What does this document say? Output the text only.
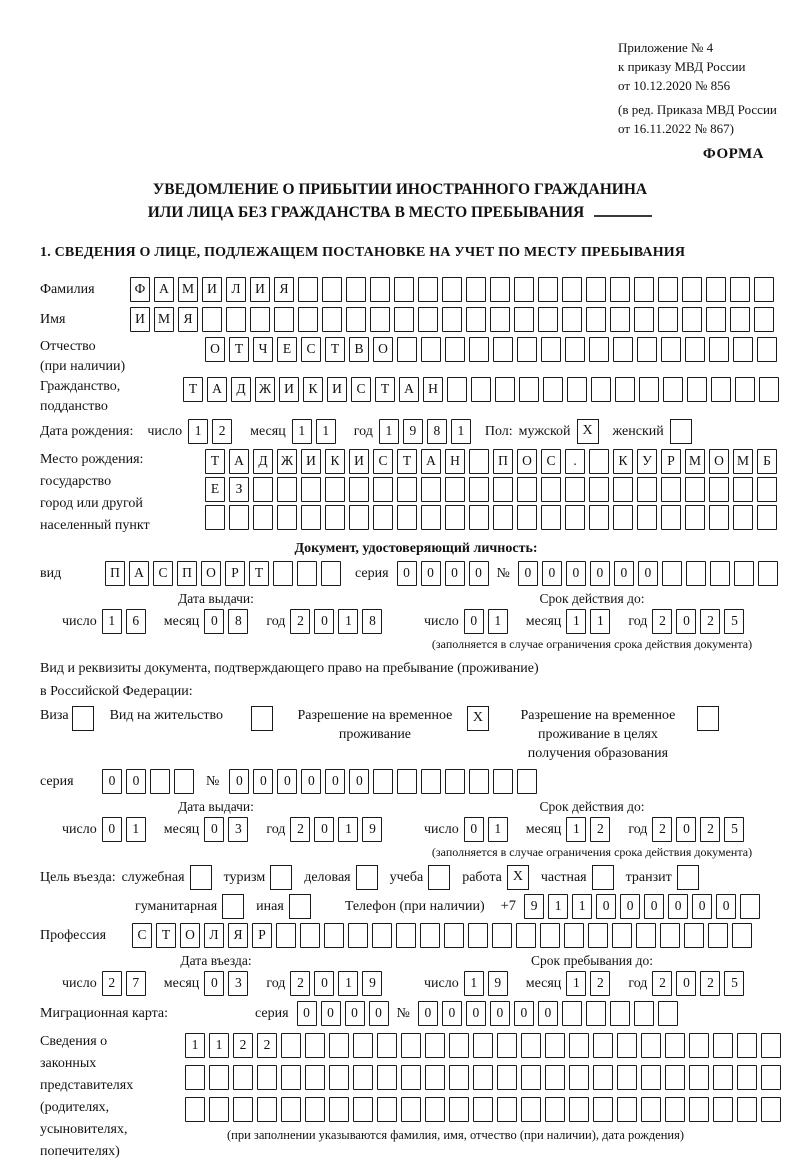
Приложение № 4
к приказу МВД России
от 10.12.2020 № 856
(в ред. Приказа МВД России
от 16.11.2022 № 867)
ФОРМА
УВЕДОМЛЕНИЕ О ПРИБЫТИИ ИНОСТРАННОГО ГРАЖДАНИНА
ИЛИ ЛИЦА БЕЗ ГРАЖДАНСТВА В МЕСТО ПРЕБЫВАНИЯ
1. СВЕДЕНИЯ О ЛИЦЕ, ПОДЛЕЖАЩЕМ ПОСТАНОВКЕ НА УЧЕТ ПО МЕСТУ ПРЕБЫВАНИЯ
Фамилия	Ф	А М И	Л	И	Я
Имя	И М Я
Отчество
(при наличии)
О	Т	Ч	Е	С	Т	В	О
Гражданство,
подданство
Т	А	Д Ж И	К	И	С	Т	А	Н
Дата рождения: число 1	2	месяц 1	1	год 1	9	8	1	Пол: мужской X	женский
Место рождения:
государство
город или другой
населенный пункт
Т	А	Д Ж И	К	И	С	Т	А	Н	П	О	С	.	К	У	Р	М О М	Б
Е	З
Документ, удостоверяющий личность:
вид	П	А	С	П	О	Р	Т	серия	0	0	0	0	№	0	0	0	0	0	0
Дата выдачи:
число 1	6	месяц 0	8	год 2	0	1	8
Срок действия до:
число 0	1	месяц 1	1	год 2	0	2	5
(заполняется в случае ограничения срока действия документа)
Вид и реквизиты документа, подтверждающего право на пребывание (проживание)
в Российской Федерации:
Виза	Вид на жительство	Разрешение на временное проживание
X	Разрешение на временное проживание в целях получения образования
серия	0	0	№	0	0	0	0	0	0
Дата выдачи:
число 0	1	месяц 0	3	год 2	0	1	9
Срок действия до:
число 0	1	месяц 1	2	год 2	0	2	5
(заполняется в случае ограничения срока действия документа)
Цель въезда: служебная	туризм	деловая	учеба	работа X	частная	транзит
гуманитарная	иная	Телефон (при наличии) +7	9	1	1	0	0	0	0	0	0
Профессия	С	Т	О	Л	Я	Р
Дата въезда:
число 2	7	месяц 0	3	год 2	0	1	9
Срок пребывания до:
число 1	9	месяц 1	2	год 2	0	2	5
Миграционная карта:	серия	0	0	0	0	№	0	0	0	0	0	0
Сведения о
законных
представителях
(родителях,
усыновителях,
попечителях)
1	1	2	2
(при заполнении указываются фамилия, имя, отчество (при наличии), дата рождения)
